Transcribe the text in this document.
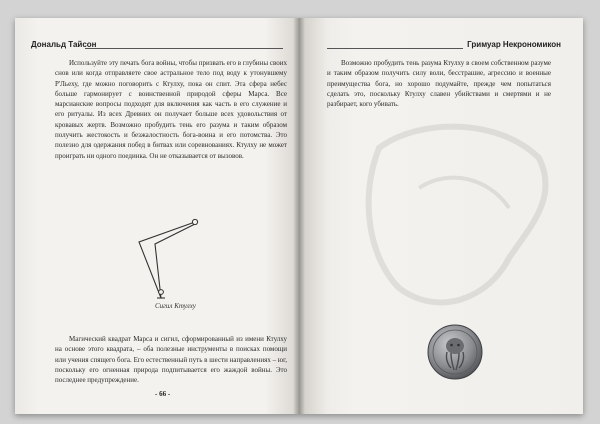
Дональд Тайсон

Используйте эту печать бога войны, чтобы призвать его в глубины своих снов или когда отправляете свое астральное тело под воду к утонувшему Р'Льеху, где можно поговорить с Ктулху, пока он спит. Эта сфера небес больше гармонирует с воинственной природой сферы Марса. Все марсианские вопросы подходят для включения как часть в его служение и его ритуалы. Из всех Древних он получает больше всех удовольствия от кровавых жертв. Возможно пробудить тень его разума и таким образом получить жестокость и безжалостность бога-воина и его потомства. Это полезно для одержания побед в битвах или соревнованиях. Ктулху не может проиграть ни одного поединка. Он не отказывается от вызовов.

Сигил Ктулху

Магический квадрат Марса и сигил, сформированный из имени Ктулху на основе этого квадрата, – оба полезные инструменты в поисках помощи или учения спящего бога. Его естественный путь в шести направлениях – юг, поскольку его огненная природа подпитывается его жаждой войны. Это последнее предупреждение.

- 66 -
Гримуар Некрономикон

Возможно пробудить тень разума Ктулху в своем собственном разуме и таким образом получить силу воли, бесстрашие, агрессию и военные преимущества бога, но хорошо подумайте, прежде чем попытаться сделать это, поскольку Ктулху славен убийствами и смертями и не разбирает, кого убивать.
